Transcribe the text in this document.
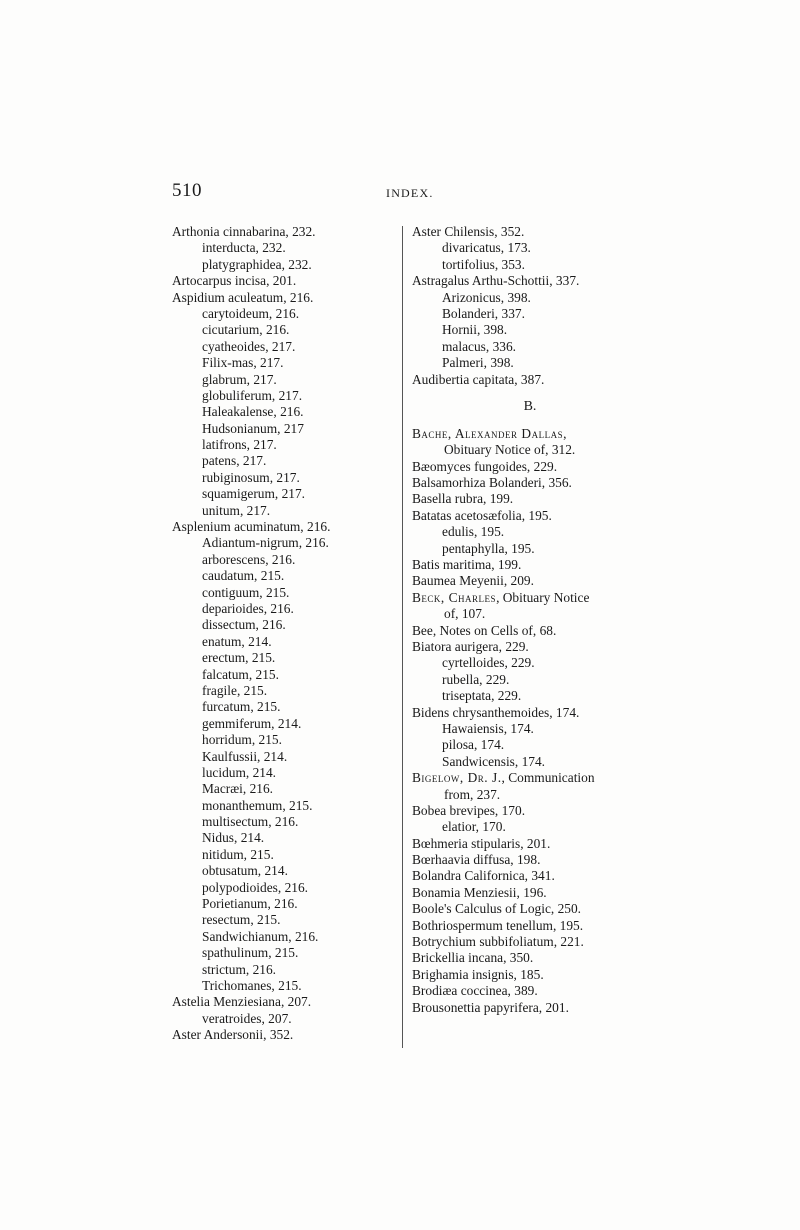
510	INDEX.
Arthonia cinnabarina, 232.
interducta, 232.
platygraphidea, 232.
Artocarpus incisa, 201.
Aspidium aculeatum, 216.
carytoideum, 216.
cicutarium, 216.
cyatheoides, 217.
Filix-mas, 217.
glabrum, 217.
globuliferum, 217.
Haleakalense, 216.
Hudsonianum, 217
latifrons, 217.
patens, 217.
rubiginosum, 217.
squamigerum, 217.
unitum, 217.
Asplenium acuminatum, 216.
Adiantum-nigrum, 216.
arborescens, 216.
caudatum, 215.
contiguum, 215.
deparioides, 216.
dissectum, 216.
enatum, 214.
erectum, 215.
falcatum, 215.
fragile, 215.
furcatum, 215.
gemmiferum, 214.
horridum, 215.
Kaulfussii, 214.
lucidum, 214.
Macræi, 216.
monanthemum, 215.
multisectum, 216.
Nidus, 214.
nitidum, 215.
obtusatum, 214.
polypodioides, 216.
Porietianum, 216.
resectum, 215.
Sandwichianum, 216.
spathulinum, 215.
strictum, 216.
Trichomanes, 215.
Astelia Menziesiana, 207.
veratroides, 207.
Aster Andersonii, 352.
Aster Chilensis, 352.
divaricatus, 173.
tortifolius, 353.
Astragalus Arthu-Schottii, 337.
Arizonicus, 398.
Bolanderi, 337.
Hornii, 398.
malacus, 336.
Palmeri, 398.
Audibertia capitata, 387.
B.
Bache, Alexander Dallas,
Obituary Notice of, 312.
Bæomyces fungoides, 229.
Balsamorhiza Bolanderi, 356.
Basella rubra, 199.
Batatas acetosæfolia, 195.
edulis, 195.
pentaphylla, 195.
Batis maritima, 199.
Baumea Meyenii, 209.
Beck, Charles, Obituary Notice
of, 107.
Bee, Notes on Cells of, 68.
Biatora aurigera, 229.
cyrtelloides, 229.
rubella, 229.
triseptata, 229.
Bidens chrysanthemoides, 174.
Hawaiensis, 174.
pilosa, 174.
Sandwicensis, 174.
Bigelow, Dr. J., Communication
from, 237.
Bobea brevipes, 170.
elatior, 170.
Bœhmeria stipularis, 201.
Bœrhaavia diffusa, 198.
Bolandra Californica, 341.
Bonamia Menziesii, 196.
Boole's Calculus of Logic, 250.
Bothriospermum tenellum, 195.
Botrychium subbifoliatum, 221.
Brickellia incana, 350.
Brighamia insignis, 185.
Brodiæa coccinea, 389.
Brousonettia papyrifera, 201.
